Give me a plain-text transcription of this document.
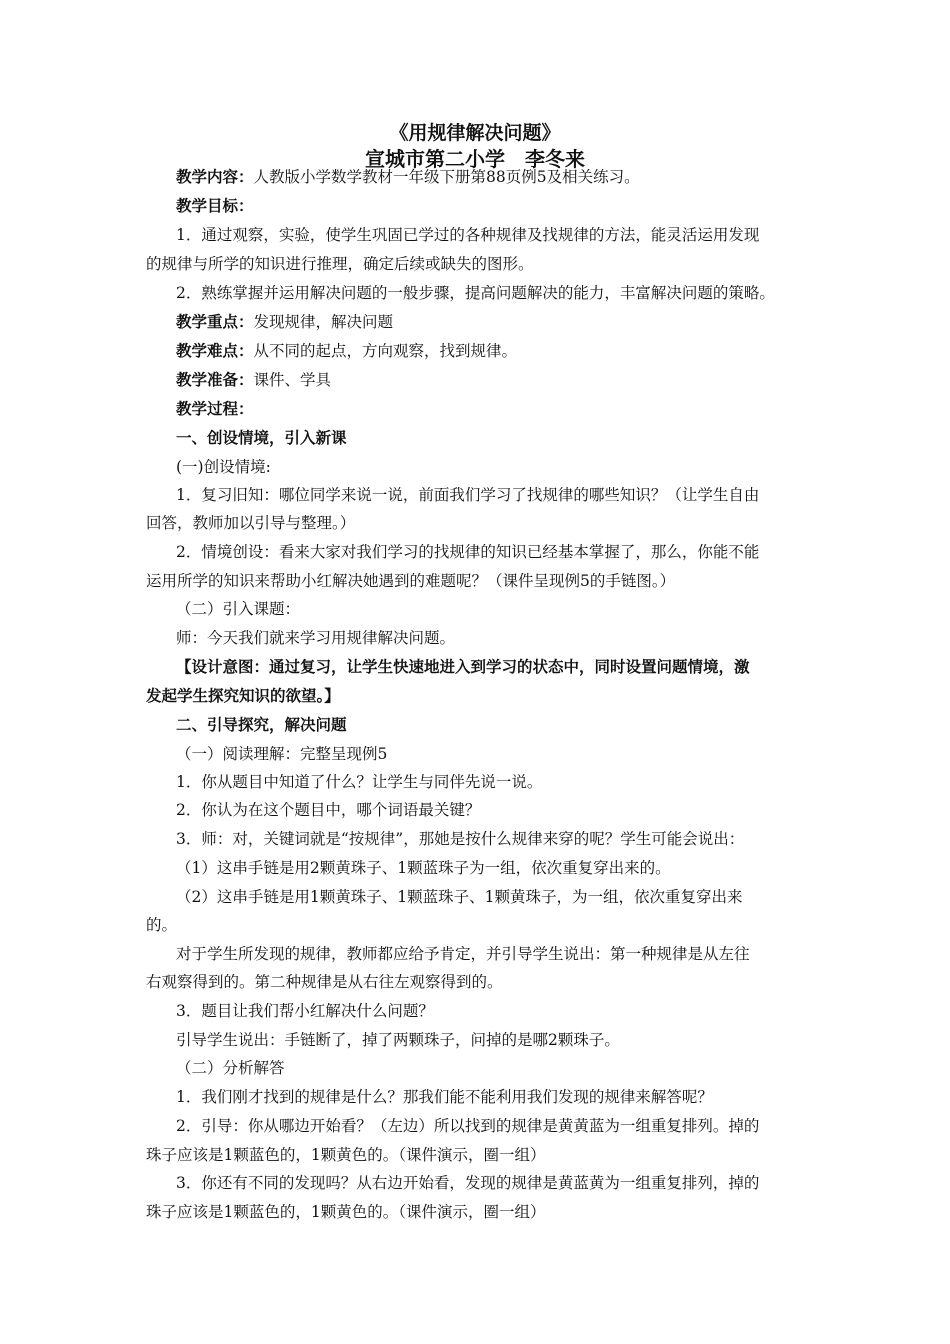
《用规律解决问题》
宣城市第二小学　李冬来
教学内容：人教版小学数学教材一年级下册第88页例5及相关练习。
教学目标：
1．通过观察，实验，使学生巩固已学过的各种规律及找规律的方法，能灵活运用发现
的规律与所学的知识进行推理，确定后续或缺失的图形。
2．熟练掌握并运用解决问题的一般步骤，提高问题解决的能力，丰富解决问题的策略。
教学重点：发现规律，解决问题
教学难点：从不同的起点，方向观察，找到规律。
教学准备：课件、学具
教学过程：
一、创设情境，引入新课
(一)创设情境:
1．复习旧知：哪位同学来说一说，前面我们学习了找规律的哪些知识？（让学生自由
回答，教师加以引导与整理。）
2．情境创设：看来大家对我们学习的找规律的知识已经基本掌握了，那么，你能不能
运用所学的知识来帮助小红解决她遇到的难题呢？（课件呈现例5的手链图。）
（二）引入课题：
师：今天我们就来学习用规律解决问题。
【设计意图：通过复习，让学生快速地进入到学习的状态中，同时设置问题情境，激
发起学生探究知识的欲望。】
二、引导探究，解决问题
（一）阅读理解：完整呈现例5
1．你从题目中知道了什么？让学生与同伴先说一说。
2．你认为在这个题目中，哪个词语最关键？
3．师：对，关键词就是“按规律”，那她是按什么规律来穿的呢？学生可能会说出：
（1）这串手链是用2颗黄珠子、1颗蓝珠子为一组，依次重复穿出来的。
（2）这串手链是用1颗黄珠子、1颗蓝珠子、1颗黄珠子，为一组，依次重复穿出来
的。
对于学生所发现的规律，教师都应给予肯定，并引导学生说出：第一种规律是从左往
右观察得到的。第二种规律是从右往左观察得到的。
3．题目让我们帮小红解决什么问题？
引导学生说出：手链断了，掉了两颗珠子，问掉的是哪2颗珠子。
（二）分析解答
1．我们刚才找到的规律是什么？那我们能不能利用我们发现的规律来解答呢？
2．引导：你从哪边开始看？（左边）所以找到的规律是黄黄蓝为一组重复排列。掉的
珠子应该是1颗蓝色的，1颗黄色的。（课件演示，圈一组）
3．你还有不同的发现吗？从右边开始看，发现的规律是黄蓝黄为一组重复排列，掉的
珠子应该是1颗蓝色的，1颗黄色的。（课件演示，圈一组）
